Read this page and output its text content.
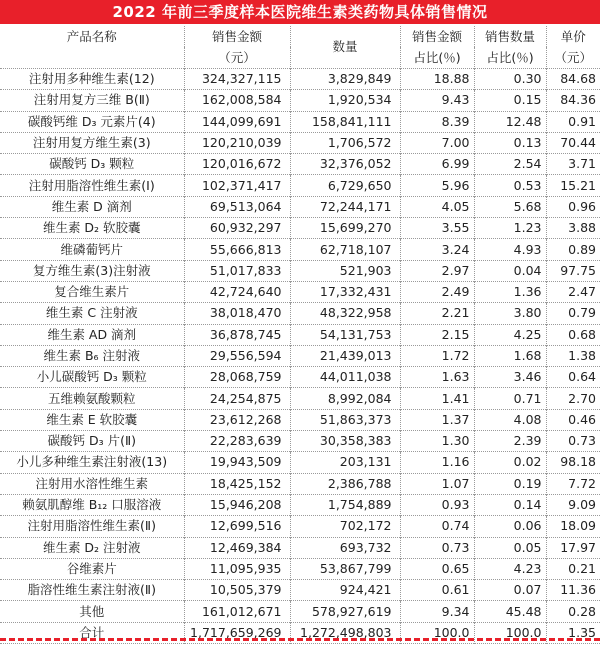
2022 年前三季度样本医院维生素类药物具体销售情况
产品名称	销售金额	数量	销售金额	销售数量	单价
	（元）		占比(％)	占比(％)	（元）
注射用多种维生素(12)	324,327,115	3,829,849	18.88	0.30	84.68
注射用复方三维 B(Ⅱ)	162,008,584	1,920,534	9.43	0.15	84.36
碳酸钙维 D₃ 元素片(4)	144,099,691	158,841,111	8.39	12.48	0.91
注射用复方维生素(3)	120,210,039	1,706,572	7.00	0.13	70.44
碳酸钙 D₃ 颗粒	120,016,672	32,376,052	6.99	2.54	3.71
注射用脂溶性维生素(Ⅰ)	102,371,417	6,729,650	5.96	0.53	15.21
维生素 D 滴剂	69,513,064	72,244,171	4.05	5.68	0.96
维生素 D₂ 软胶囊	60,932,297	15,699,270	3.55	1.23	3.88
维磷葡钙片	55,666,813	62,718,107	3.24	4.93	0.89
复方维生素(3)注射液	51,017,833	521,903	2.97	0.04	97.75
复合维生素片	42,724,640	17,332,431	2.49	1.36	2.47
维生素 C 注射液	38,018,470	48,322,958	2.21	3.80	0.79
维生素 AD 滴剂	36,878,745	54,131,753	2.15	4.25	0.68
维生素 B₆ 注射液	29,556,594	21,439,013	1.72	1.68	1.38
小儿碳酸钙 D₃ 颗粒	28,068,759	44,011,038	1.63	3.46	0.64
五维赖氨酸颗粒	24,254,875	8,992,084	1.41	0.71	2.70
维生素 E 软胶囊	23,612,268	51,863,373	1.37	4.08	0.46
碳酸钙 D₃ 片(Ⅱ)	22,283,639	30,358,383	1.30	2.39	0.73
小儿多种维生素注射液(13)	19,943,509	203,131	1.16	0.02	98.18
注射用水溶性维生素	18,425,152	2,386,788	1.07	0.19	7.72
赖氨肌醇维 B₁₂ 口服溶液	15,946,208	1,754,889	0.93	0.14	9.09
注射用脂溶性维生素(Ⅱ)	12,699,516	702,172	0.74	0.06	18.09
维生素 D₂ 注射液	12,469,384	693,732	0.73	0.05	17.97
谷维素片	11,095,935	53,867,799	0.65	4.23	0.21
脂溶性维生素注射液(Ⅱ)	10,505,379	924,421	0.61	0.07	11.36
其他	161,012,671	578,927,619	9.34	45.48	0.28
合计	1,717,659,269	1,272,498,803	100.0	100.0	1.35
